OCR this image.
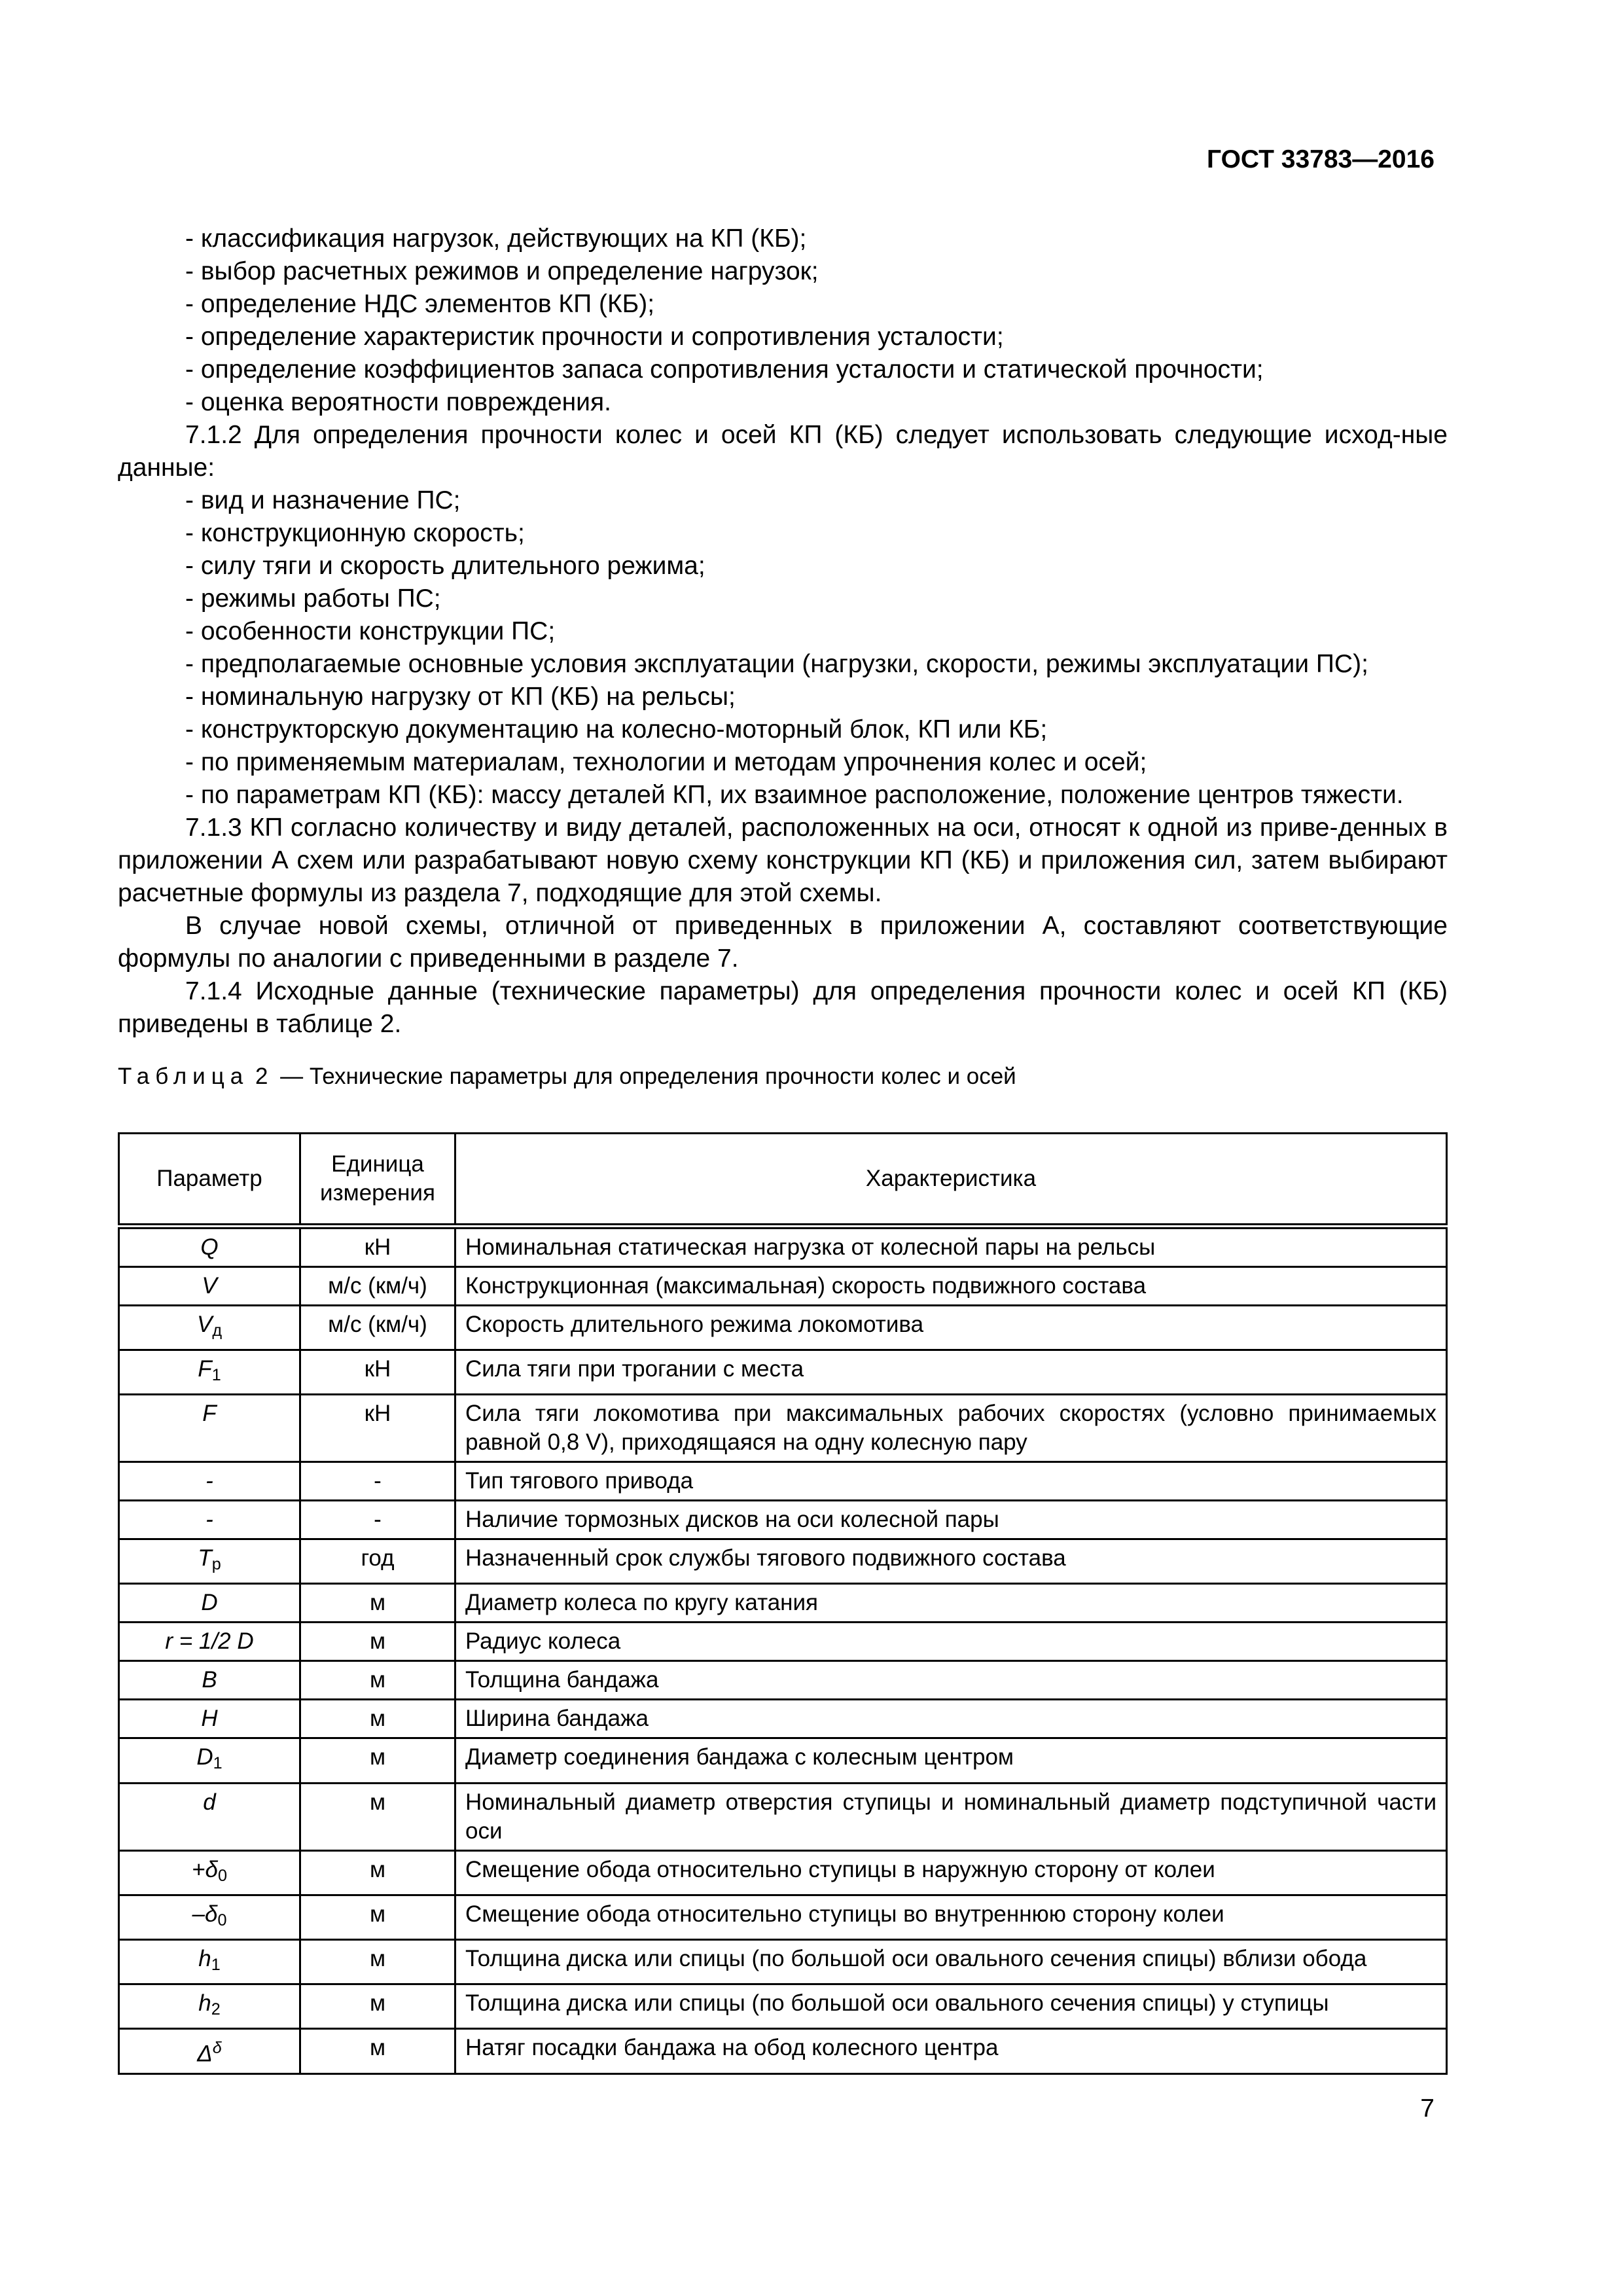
ГОСТ 33783—2016

- классификация нагрузок, действующих на КП (КБ);

- выбор расчетных режимов и определение нагрузок;

- определение НДС элементов КП (КБ);

- определение характеристик прочности и сопротивления усталости;

- определение коэффициентов запаса сопротивления усталости и статической прочности;

- оценка вероятности повреждения.

7.1.2 Для определения прочности колес и осей КП (КБ) следует использовать следующие исход-ные данные:

- вид и назначение ПС;

- конструкционную скорость;

- силу тяги и скорость длительного режима;

- режимы работы ПС;

- особенности конструкции ПС;

- предполагаемые основные условия эксплуатации (нагрузки, скорости, режимы эксплуатации ПС);

- номинальную нагрузку от КП (КБ) на рельсы;

- конструкторскую документацию на колесно-моторный блок, КП или КБ;

- по применяемым материалам, технологии и методам упрочнения колес и осей;

- по параметрам КП (КБ): массу деталей КП, их взаимное расположение, положение центров тяжести.

7.1.3 КП согласно количеству и виду деталей, расположенных на оси, относят к одной из приве-денных в приложении А схем или разрабатывают новую схему конструкции КП (КБ) и приложения сил, затем выбирают расчетные формулы из раздела 7, подходящие для этой схемы.

В случае новой схемы, отличной от приведенных в приложении А, составляют соответствующие формулы по аналогии с приведенными в разделе 7.

7.1.4 Исходные данные (технические параметры) для определения прочности колес и осей КП (КБ) приведены в таблице 2.

Таблица 2 — Технические параметры для определения прочности колес и осей
Параметр	Единица измерения	Характеристика
Q	кН	Номинальная статическая нагрузка от колесной пары на рельсы
V	м/с (км/ч)	Конструкционная (максимальная) скорость подвижного состава
$V_д$	м/с (км/ч)	Скорость длительного режима локомотива
$F_1$	кН	Сила тяги при трогании с места
F	кН	Сила тяги локомотива при максимальных рабочих скоростях (условно принимаемых равной 0,8 V), приходящаяся на одну колесную пару
-	-	Тип тягового привода
-	-	Наличие тормозных дисков на оси колесной пары
$T_р$	год	Назначенный срок службы тягового подвижного состава
D	м	Диаметр колеса по кругу катания
r = 1/2 D	м	Радиус колеса
B	м	Толщина бандажа
H	м	Ширина бандажа
$D_1$	м	Диаметр соединения бандажа с колесным центром
d	м	Номинальный диаметр отверстия ступицы и номинальный диаметр подступичной части оси
$+\delta_0$	м	Смещение обода относительно ступицы в наружную сторону от колеи
$-\delta_0$	м	Смещение обода относительно ступицы во внутреннюю сторону колеи
$h_1$	м	Толщина диска или спицы (по большой оси овального сечения спицы) вблизи обода
$h_2$	м	Толщина диска или спицы (по большой оси овального сечения спицы) у ступицы
$\Delta^\delta$	м	Натяг посадки бандажа на обод колесного центра
7
